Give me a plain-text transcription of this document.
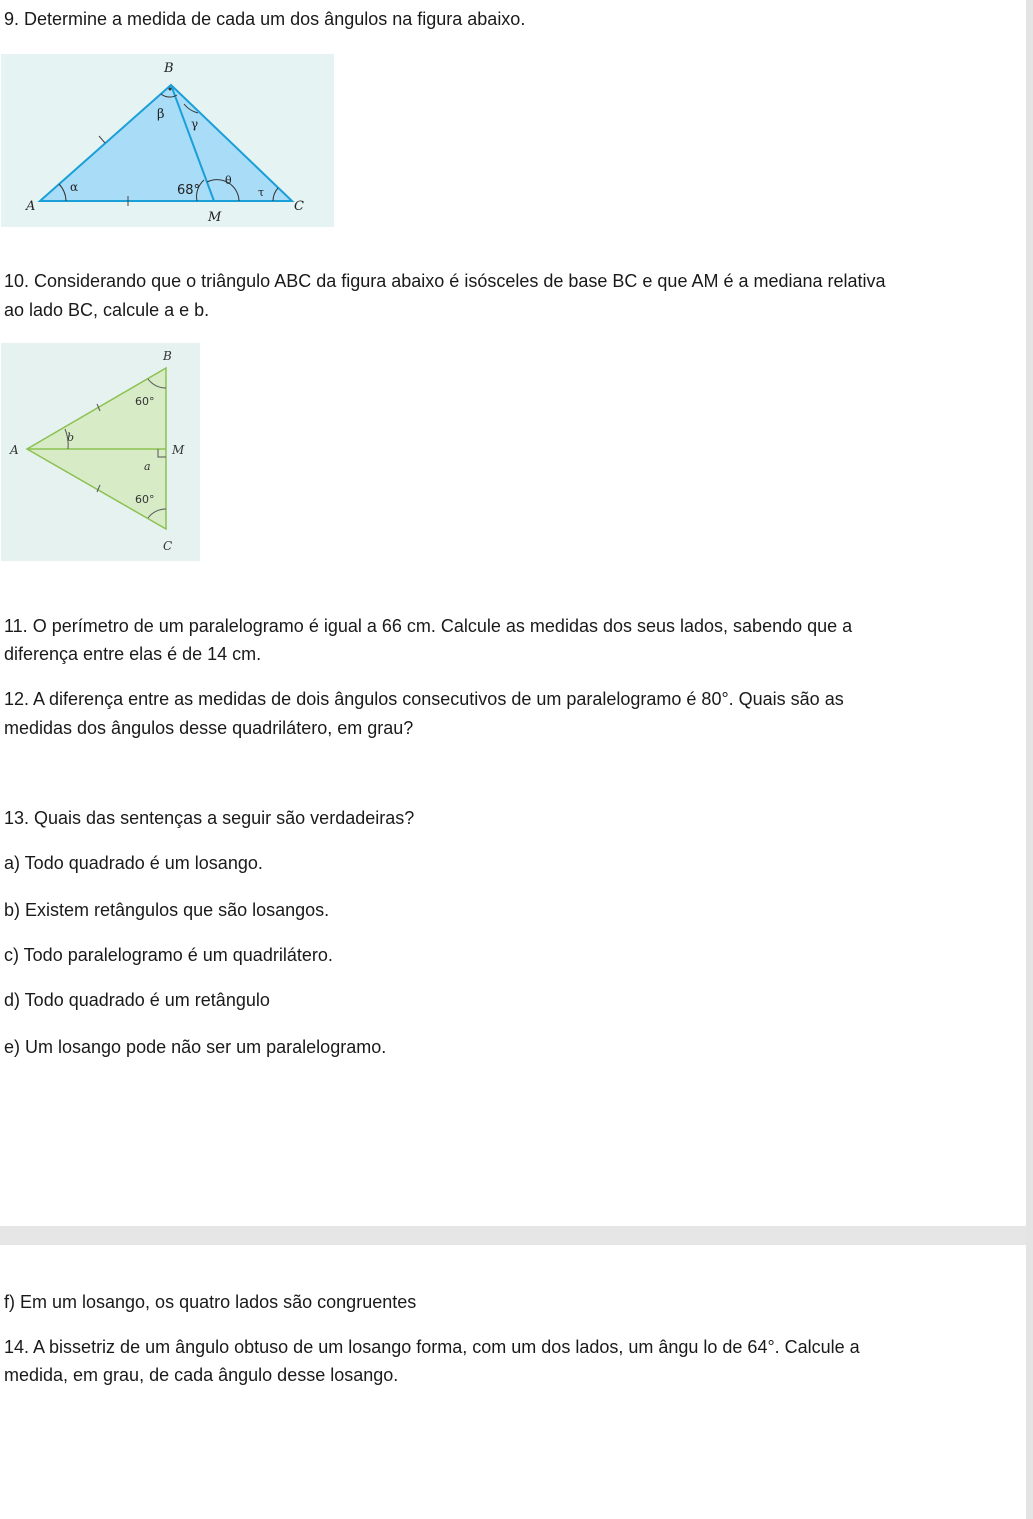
9. Determine a medida de cada um dos ângulos na figura abaixo.

B
A	C
M
β
γ
α	θ
τ
68°

10. Considerando que o triângulo ABC da figura abaixo é isósceles de base BC e que AM é a mediana relativa

ao lado BC, calcule a e b.

B
A	M
C
60°
60°
b
a

11. O perímetro de um paralelogramo é igual a 66 cm. Calcule as medidas dos seus lados, sabendo que a

diferença entre elas é de 14 cm.

12. A diferença entre as medidas de dois ângulos consecutivos de um paralelogramo é 80°. Quais são as

medidas dos ângulos desse quadrilátero, em grau?

13. Quais das sentenças a seguir são verdadeiras?

a) Todo quadrado é um losango.

b) Existem retângulos que são losangos.

c) Todo paralelogramo é um quadrilátero.

d) Todo quadrado é um retângulo

e) Um losango pode não ser um paralelogramo.

f) Em um losango, os quatro lados são congruentes

14. A bissetriz de um ângulo obtuso de um losango forma, com um dos lados, um ângu lo de 64°. Calcule a

medida, em grau, de cada ângulo desse losango.
